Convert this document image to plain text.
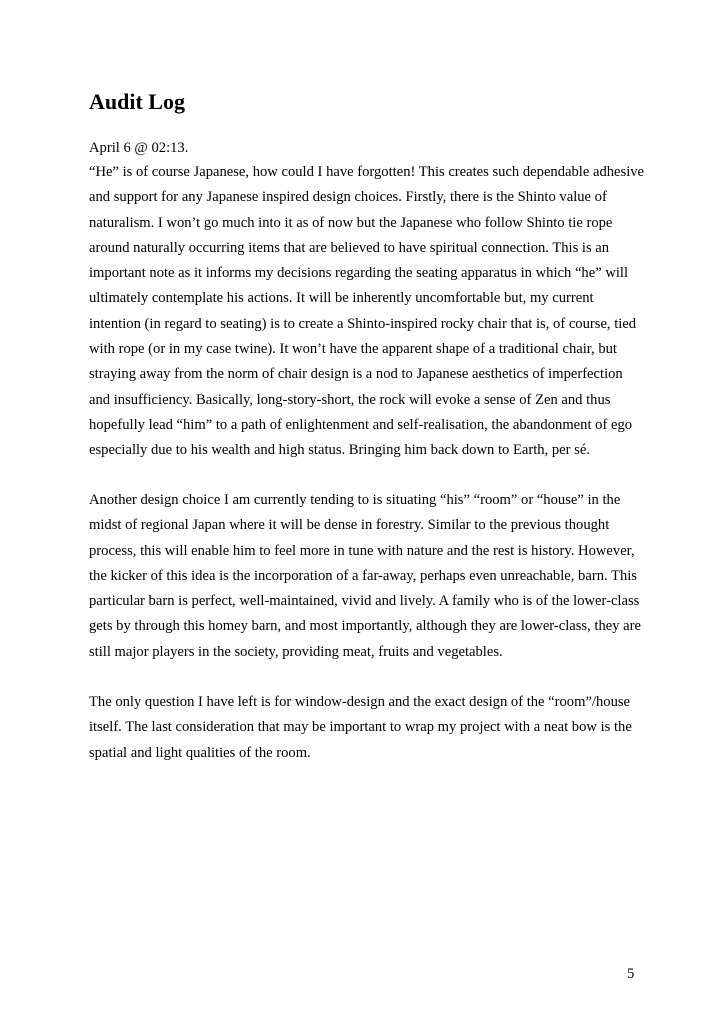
Audit Log

April 6 @ 02:13.

“He” is of course Japanese, how could I have forgotten! This creates such dependable adhesive and support for any Japanese inspired design choices. Firstly, there is the Shinto value of naturalism. I won’t go much into it as of now but the Japanese who follow Shinto tie rope around naturally occurring items that are believed to have spiritual connection. This is an important note as it informs my decisions regarding the seating apparatus in which “he” will ultimately contemplate his actions. It will be inherently uncomfortable but, my current intention (in regard to seating) is to create a Shinto-inspired rocky chair that is, of course, tied with rope (or in my case twine). It won’t have the apparent shape of a traditional chair, but straying away from the norm of chair design is a nod to Japanese aesthetics of imperfection and insufficiency. Basically, long-story-short, the rock will evoke a sense of Zen and thus hopefully lead “him” to a path of enlightenment and self-realisation, the abandonment of ego especially due to his wealth and high status. Bringing him back down to Earth, per sé.

Another design choice I am currently tending to is situating “his” “room” or “house” in the midst of regional Japan where it will be dense in forestry. Similar to the previous thought process, this will enable him to feel more in tune with nature and the rest is history. However, the kicker of this idea is the incorporation of a far-away, perhaps even unreachable, barn. This particular barn is perfect, well-maintained, vivid and lively. A family who is of the lower-class gets by through this homey barn, and most importantly, although they are lower-class, they are still major players in the society, providing meat, fruits and vegetables.

The only question I have left is for window-design and the exact design of the “room”/house itself. The last consideration that may be important to wrap my project with a neat bow is the spatial and light qualities of the room.

5
